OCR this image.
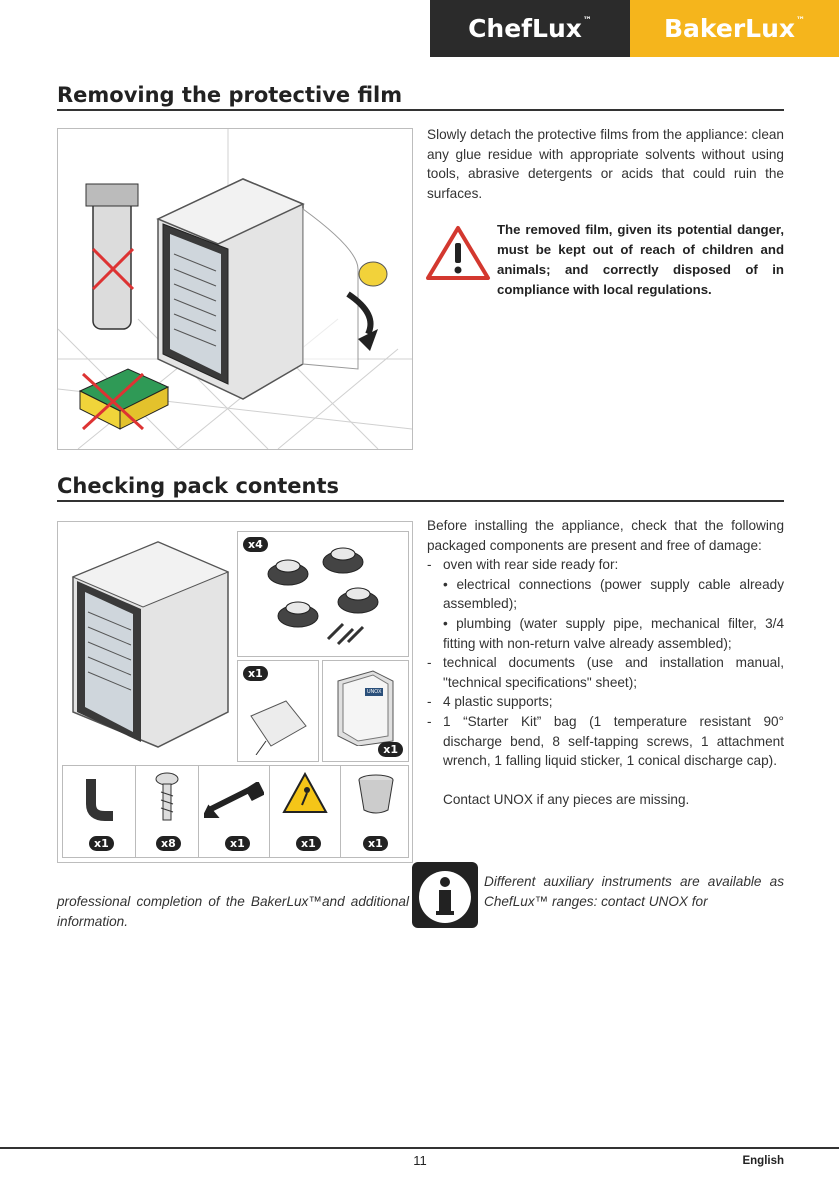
ChefLux™	BakerLux™
Removing the protective film
Slowly detach the protective films from the appliance: clean any glue residue with appropriate solvents without using tools, abrasive detergents or acids that could ruin the surfaces.
The removed film, given its potential danger, must be kept out of reach of children and animals; and correctly disposed of in compliance with local regulations.
Checking pack contents
x4
x1
UNOX
x1
x1	x8	x1	x1	x1
Before installing the appliance, check that the following packaged components are present and free of damage:
- oven with rear side ready for:
• electrical connections (power supply cable already assembled);
• plumbing (water supply pipe, mechanical filter, 3/4 fitting with non-return valve already assembled);
- technical documents (use and installation manual, "technical specifications" sheet);
- 4 plastic supports;
- 1 “Starter Kit” bag (1 temperature resistant 90° discharge bend, 8 self-tapping screws, 1 attachment wrench, 1 falling liquid sticker, 1 conical discharge cap).
Contact UNOX if any pieces are missing.
Different auxiliary instruments are available as ChefLux™ ranges: contact UNOX for
professional completion of the BakerLux™and additional information.
11	English
